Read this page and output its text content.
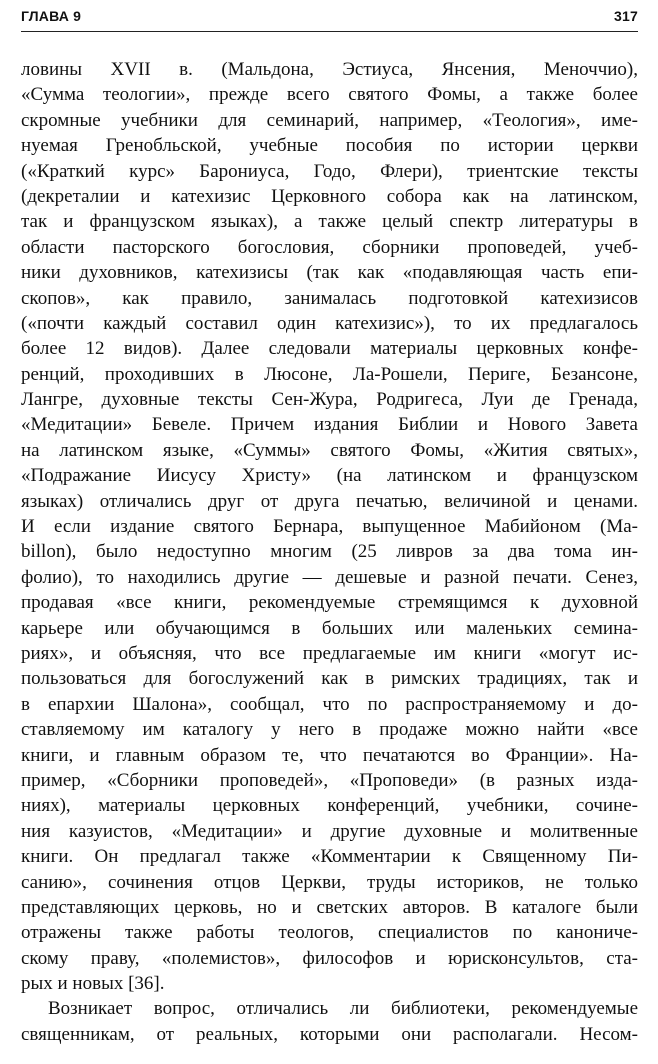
ГЛАВА 9	317
ловины XVII в. (Мальдона, Эстиуса, Янсения, Меноччио),
«Сумма теологии», прежде всего святого Фомы, а также более
скромные учебники для семинарий, например, «Теология», име-
нуемая Гренобльской, учебные пособия по истории церкви
(«Краткий курс» Барониуса, Годо, Флери), триентские тексты
(декреталии и катехизис Церковного собора как на латинском,
так и французском языках), а также целый спектр литературы в
области пасторского богословия, сборники проповедей, учеб-
ники духовников, катехизисы (так как «подавляющая часть епи-
скопов», как правило, занималась подготовкой катехизисов
(«почти каждый составил один катехизис»), то их предлагалось
более 12 видов). Далее следовали материалы церковных конфе-
ренций, проходивших в Люсоне, Ла-Рошели, Периге, Безансоне,
Лангре, духовные тексты Сен-Жура, Родригеса, Луи де Гренада,
«Медитации» Бевеле. Причем издания Библии и Нового Завета
на латинском языке, «Суммы» святого Фомы, «Жития святых»,
«Подражание Иисусу Христу» (на латинском и французском
языках) отличались друг от друга печатью, величиной и ценами.
И если издание святого Бернара, выпущенное Мабийоном (Ма-
billon), было недоступно многим (25 ливров за два тома ин-
фолио), то находились другие — дешевые и разной печати. Сенез,
продавая «все книги, рекомендуемые стремящимся к духовной
карьере или обучающимся в больших или маленьких семина-
риях», и объясняя, что все предлагаемые им книги «могут ис-
пользоваться для богослужений как в римских традициях, так и
в епархии Шалона», сообщал, что по распространяемому и до-
ставляемому им каталогу у него в продаже можно найти «все
книги, и главным образом те, что печатаются во Франции». На-
пример, «Сборники проповедей», «Проповеди» (в разных изда-
ниях), материалы церковных конференций, учебники, сочине-
ния казуистов, «Медитации» и другие духовные и молитвенные
книги. Он предлагал также «Комментарии к Священному Пи-
санию», сочинения отцов Церкви, труды историков, не только
представляющих церковь, но и светских авторов. В каталоге были
отражены также работы теологов, специалистов по канониче-
скому праву, «полемистов», философов и юрисконсультов, ста-
рых и новых [36].
Возникает вопрос, отличались ли библиотеки, рекомендуемые
священникам, от реальных, которыми они располагали. Несом-
